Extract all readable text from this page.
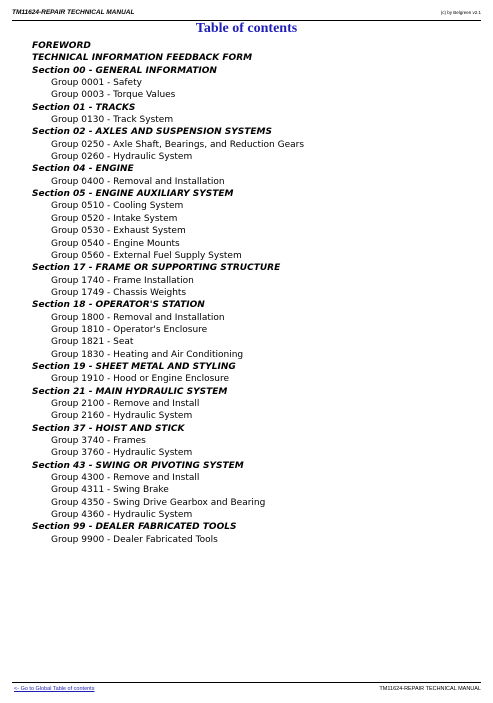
TM11624-REPAIR TECHNICAL MANUAL	(c) by Belgreen v2.1
Table of contents
FOREWORD
TECHNICAL INFORMATION FEEDBACK FORM
Section 00 - GENERAL INFORMATION
Group 0001 - Safety
Group 0003 - Torque Values
Section 01 - TRACKS
Group 0130 - Track System
Section 02 - AXLES AND SUSPENSION SYSTEMS
Group 0250 - Axle Shaft, Bearings, and Reduction Gears
Group 0260 - Hydraulic System
Section 04 - ENGINE
Group 0400 - Removal and Installation
Section 05 - ENGINE AUXILIARY SYSTEM
Group 0510 - Cooling System
Group 0520 - Intake System
Group 0530 - Exhaust System
Group 0540 - Engine Mounts
Group 0560 - External Fuel Supply System
Section 17 - FRAME OR SUPPORTING STRUCTURE
Group 1740 - Frame Installation
Group 1749 - Chassis Weights
Section 18 - OPERATOR'S STATION
Group 1800 - Removal and Installation
Group 1810 - Operator's Enclosure
Group 1821 - Seat
Group 1830 - Heating and Air Conditioning
Section 19 - SHEET METAL AND STYLING
Group 1910 - Hood or Engine Enclosure
Section 21 - MAIN HYDRAULIC SYSTEM
Group 2100 - Remove and Install
Group 2160 - Hydraulic System
Section 37 - HOIST AND STICK
Group 3740 - Frames
Group 3760 - Hydraulic System
Section 43 - SWING OR PIVOTING SYSTEM
Group 4300 - Remove and Install
Group 4311 - Swing Brake
Group 4350 - Swing Drive Gearbox and Bearing
Group 4360 - Hydraulic System
Section 99 - DEALER FABRICATED TOOLS
Group 9900 - Dealer Fabricated Tools
<- Go to Global Table of contents	TM11624-REPAIR TECHNICAL MANUAL
